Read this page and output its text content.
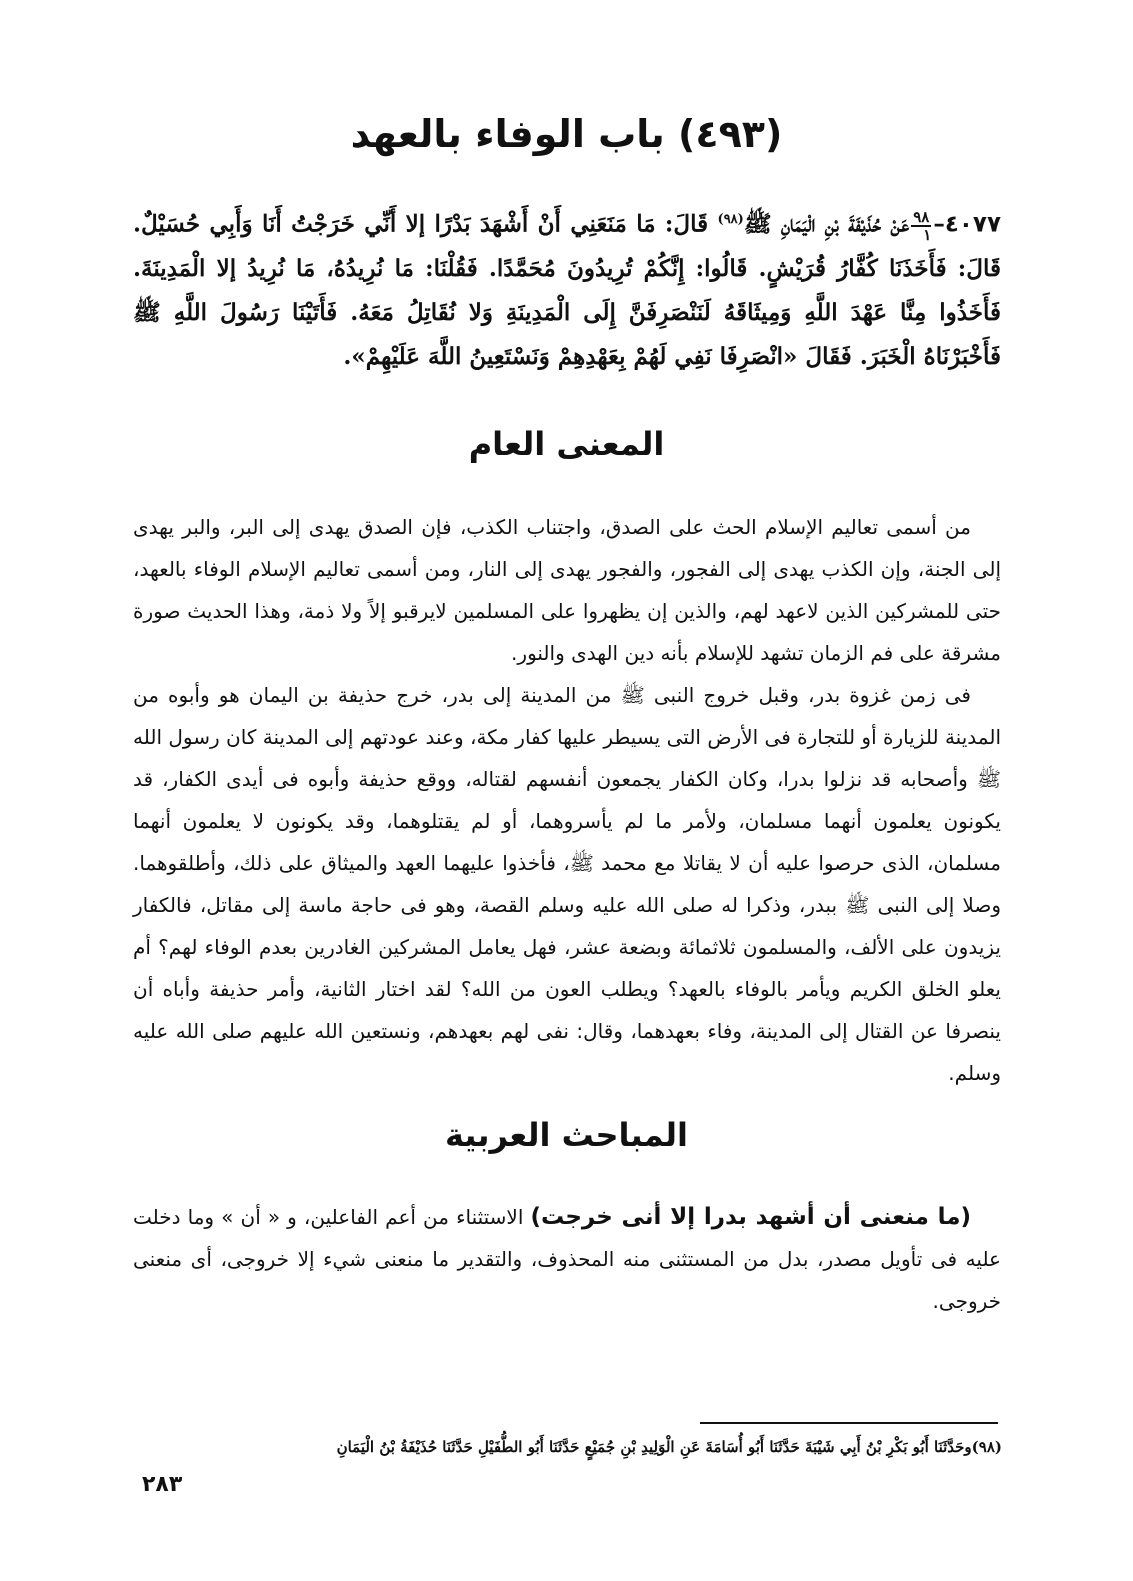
(٤٩٣) باب الوفاء بالعهد
٤٠٧٧–
$\frac{٩٨}{١}$
عَنْ حُذَيْفَةَ بْنِ الْيَمَانِ ﷺ$^{(٩٨)}$ قَالَ: مَا مَنَعَنِي أَنْ أَشْهَدَ بَدْرًا إلا أَنِّي خَرَجْتُ أَنَا وَأَبِي حُسَيْلٌ. قَالَ: فَأَخَذَنَا كُفَّارُ قُرَيْشٍ. قَالُوا: إِنَّكُمْ تُرِيدُونَ مُحَمَّدًا. فَقُلْنَا: مَا نُرِيدُهُ، مَا نُرِيدُ إلا الْمَدِينَةَ. فَأَخَذُوا مِنَّا عَهْدَ اللَّهِ وَمِيثَاقَهُ لَنَنْصَرِفَنَّ إِلَى الْمَدِينَةِ وَلا نُقَاتِلُ مَعَهُ. فَأَتَيْنَا رَسُولَ اللَّهِ ﷺ فَأَخْبَرْنَاهُ الْخَبَرَ. فَقَالَ «انْصَرِفَا نَفِي لَهُمْ بِعَهْدِهِمْ وَنَسْتَعِينُ اللَّهَ عَلَيْهِمْ».
المعنى العام

من أسمى تعاليم الإسلام الحث على الصدق، واجتناب الكذب، فإن الصدق يهدى إلى البر، والبر يهدى إلى الجنة، وإن الكذب يهدى إلى الفجور، والفجور يهدى إلى النار، ومن أسمى تعاليم الإسلام الوفاء بالعهد، حتى للمشركين الذين لاعهد لهم، والذين إن يظهروا على المسلمين لايرقبو إلاً ولا ذمة، وهذا الحديث صورة مشرقة على فم الزمان تشهد للإسلام بأنه دين الهدى والنور.

فى زمن غزوة بدر، وقبل خروج النبى ﷺ من المدينة إلى بدر، خرج حذيفة بن اليمان هو وأبوه من المدينة للزيارة أو للتجارة فى الأرض التى يسيطر عليها كفار مكة، وعند عودتهم إلى المدينة كان رسول الله ﷺ وأصحابه قد نزلوا بدرا، وكان الكفار يجمعون أنفسهم لقتاله، ووقع حذيفة وأبوه فى أيدى الكفار، قد يكونون يعلمون أنهما مسلمان، ولأمر ما لم يأسروهما، أو لم يقتلوهما، وقد يكونون لا يعلمون أنهما مسلمان، الذى حرصوا عليه أن لا يقاتلا مع محمد ﷺ، فأخذوا عليهما العهد والميثاق على ذلك، وأطلقوهما. وصلا إلى النبى ﷺ ببدر، وذكرا له صلى الله عليه وسلم القصة، وهو فى حاجة ماسة إلى مقاتل، فالكفار يزيدون على الألف، والمسلمون ثلاثمائة وبضعة عشر، فهل يعامل المشركين الغادرين بعدم الوفاء لهم؟ أم يعلو الخلق الكريم ويأمر بالوفاء بالعهد؟ ويطلب العون من الله؟ لقد اختار الثانية، وأمر حذيفة وأباه أن ينصرفا عن القتال إلى المدينة، وفاء بعهدهما، وقال: نفى لهم بعهدهم، ونستعين الله عليهم صلى الله عليه وسلم.

المباحث العربية

(ما منعنى أن أشهد بدرا إلا أنى خرجت) الاستثناء من أعم الفاعلين، و « أن » وما دخلت عليه فى تأويل مصدر، بدل من المستثنى منه المحذوف، والتقدير ما منعنى شيء إلا خروجى، أى منعنى خروجى.

(٩٨)وحَدَّثَنَا أَبُو بَكْرِ بْنُ أَبِي شَيْبَةَ حَدَّثَنَا أَبُو أُسَامَةَ عَنِ الْوَلِيدِ بْنِ جُمَيْعٍ حَدَّثَنَا أَبُو الطُّفَيْلِ حَدَّثَنَا حُذَيْفَةُ بْنُ الْيَمَانِ
٢٨٣
